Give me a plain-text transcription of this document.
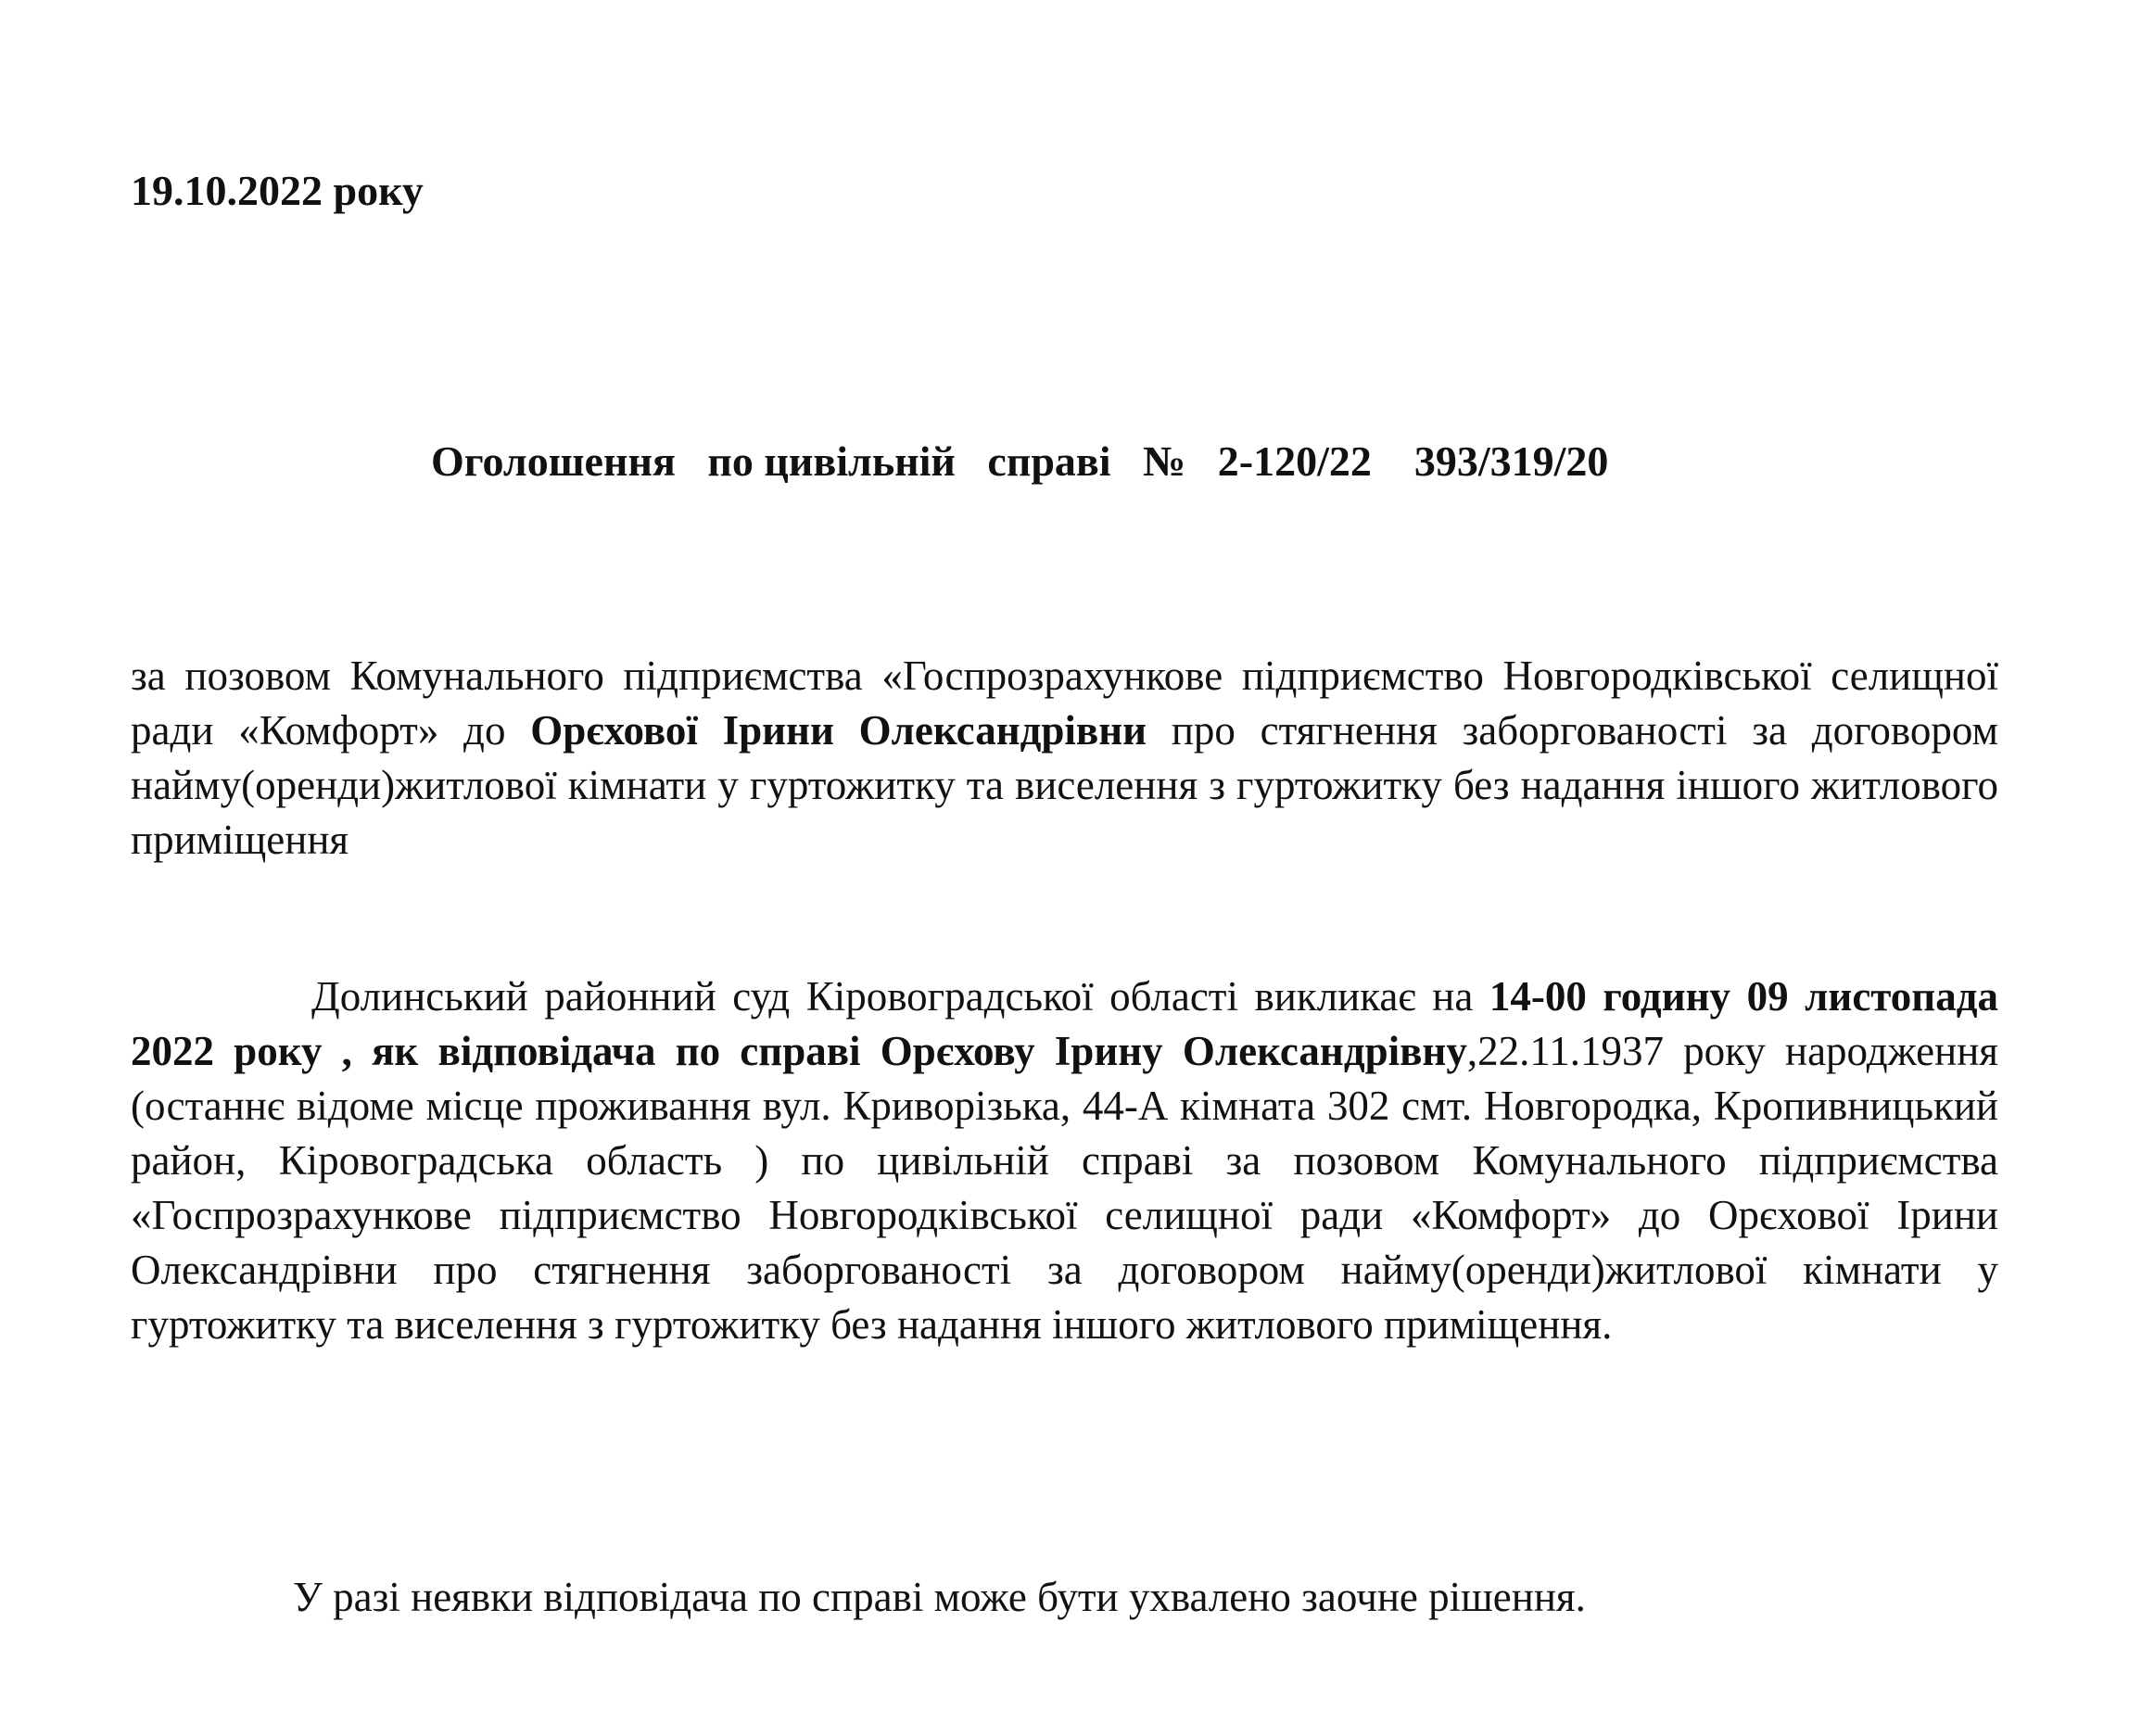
19.10.2022 року
Оголошення   по цивільній   справі   №   2-120/22    393/319/20

за позовом Комунального підприємства «Госпрозрахункове підприємство Новгородківської селищної ради «Комфорт» до Орєхової Ірини Олександрівни про стягнення заборгованості за договором найму(оренди)житлової кімнати у гуртожитку та виселення з гуртожитку без надання іншого житлового приміщення

Долинський районний суд Кіровоградської області викликає на 14-00 годину 09 листопада 2022 року , як відповідача по справі Орєхову Ірину Олександрівну,22.11.1937 року народження (останнє відоме місце проживання вул. Криворізька, 44-А кімната 302 смт. Новгородка, Кропивницький район, Кіровоградська область ) по цивільній справі за позовом Комунального підприємства «Госпрозрахункове підприємство Новгородківської селищної ради «Комфорт» до Орєхової Ірини Олександрівни про стягнення заборгованості за договором найму(оренди)житлової кімнати у гуртожитку та виселення з гуртожитку без надання іншого житлового приміщення.

У разі неявки відповідача по справі може бути ухвалено заочне рішення.
